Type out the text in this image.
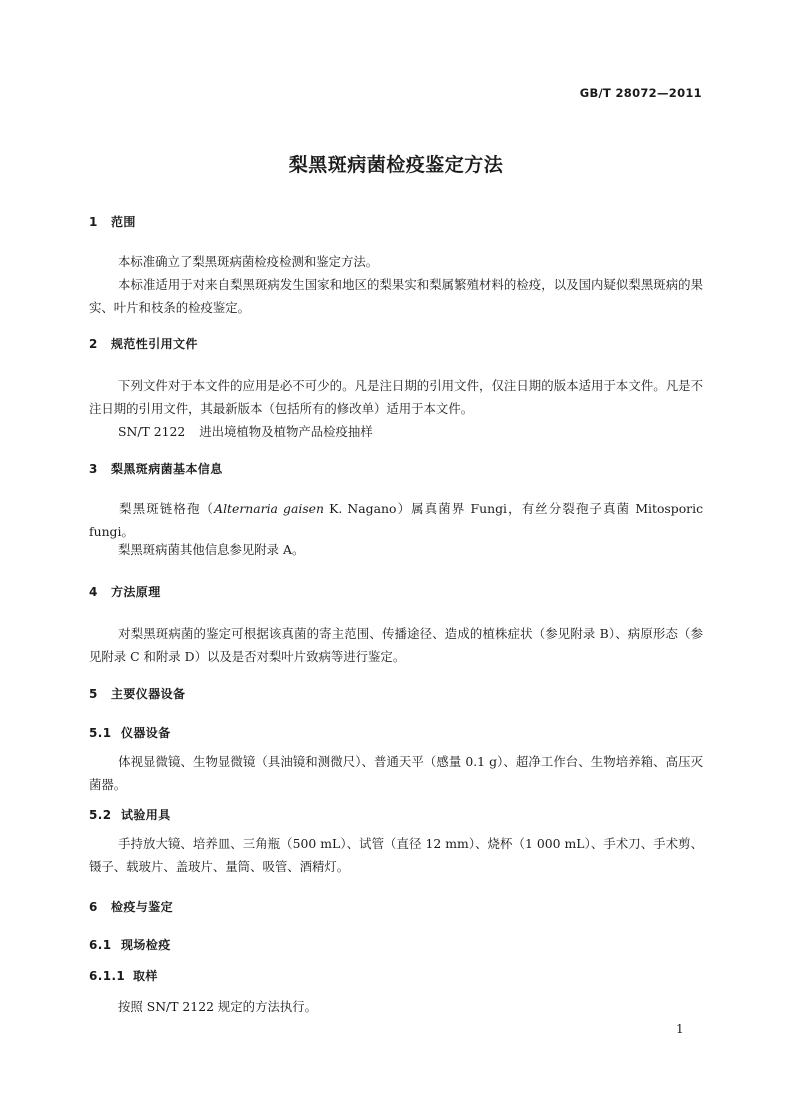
GB/T 28072—2011
梨黑斑病菌检疫鉴定方法
1 范围
本标准确立了梨黑斑病菌检疫检测和鉴定方法。
本标准适用于对来自梨黑斑病发生国家和地区的梨果实和梨属繁殖材料的检疫，以及国内疑似梨黑斑病的果实、叶片和枝条的检疫鉴定。
2 规范性引用文件
下列文件对于本文件的应用是必不可少的。凡是注日期的引用文件，仅注日期的版本适用于本文件。凡是不注日期的引用文件，其最新版本（包括所有的修改单）适用于本文件。
SN/T 2122 进出境植物及植物产品检疫抽样
3 梨黑斑病菌基本信息
梨黑斑链格孢（Alternaria gaisen K. Nagano）属真菌界 Fungi，有丝分裂孢子真菌 Mitosporic fungi。
梨黑斑病菌其他信息参见附录 A。
4 方法原理
对梨黑斑病菌的鉴定可根据该真菌的寄主范围、传播途径、造成的植株症状（参见附录 B）、病原形态（参见附录 C 和附录 D）以及是否对梨叶片致病等进行鉴定。
5 主要仪器设备
5.1 仪器设备
体视显微镜、生物显微镜（具油镜和测微尺）、普通天平（感量 0.1 g）、超净工作台、生物培养箱、高压灭菌器。
5.2 试验用具
手持放大镜、培养皿、三角瓶（500 mL）、试管（直径 12 mm）、烧杯（1 000 mL）、手术刀、手术剪、镊子、载玻片、盖玻片、量筒、吸管、酒精灯。
6 检疫与鉴定
6.1 现场检疫
6.1.1 取样
按照 SN/T 2122 规定的方法执行。
1
